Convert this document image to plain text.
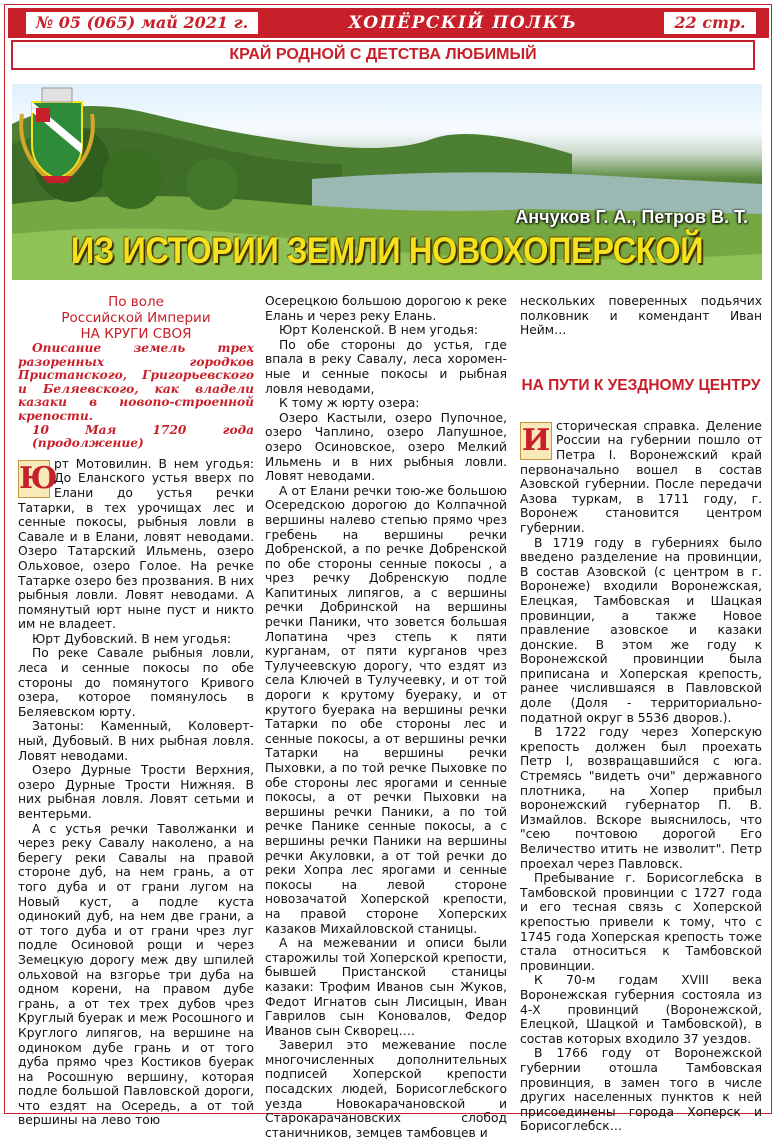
№ 05 (065) май 2021 г.	ХОПЁРСКIЙ ПОЛКЪ	22 стр.
КРАЙ РОДНОЙ С ДЕТСТВА ЛЮБИМЫЙ
Анчуков Г. А., Петров В. Т.
ИЗ ИСТОРИИ ЗЕМЛИ НОВОХОПЕРСКОЙ
По воле
Российской Империи
НА КРУГИ СВОЯ

Описание земель трех разоренных городков Пристанского, Григорьевского и Беляевского, как владели казаки в новопо-строенной крепости.

10 Мая 1720 года (продолжение)
Ю

рт Мотовилин. В нем угодья: До Еланского устья вверх по Елани до устья речки Татарки, в тех урочищах лес и сенные покосы, рыбныя ловли в Савале и в Елани, ловят неводами. Озеро Татарский Ильмень, озеро Ольховое, озеро Голое. На речке Татарке озеро без прозвания. В них рыбныя ловли. Ловят неводами. А помянутый юрт ныне пуст и никто им не владеет.

Юрт Дубовский. В нем угодья:

По реке Савале рыбныя ловли, леса и сенные покосы по обе стороны до помянутого Кривого озера, которое помянулось в Беляевском юрту.

Затоны: Каменный, Коловерт-ный, Дубовый. В них рыбная ловля. Ловят неводами.

Озеро Дурные Трости Верхния, озеро Дурные Трости Нижняя. В них рыбная ловля. Ловят сетьми и вентерьми.

А с устья речки Таволжанки и через реку Савалу наколено, а на берегу реки Савалы на правой стороне дуб, на нем грань, а от того дуба и от грани лугом на Новый куст, а подле куста одинокий дуб, на нем две грани, а от того дуба и от грани чрез луг подле Осиновой рощи и через Земецкую дорогу меж дву шпилей ольховой на взгорье три дуба на одном корени, на правом дубе грань, а от тех трех дубов чрез Круглый буерак и меж Росошного и Круглого липягов, на вершине на одиноком дубе грань и от того дуба прямо чрез Костиков буерак на Росошную вершину, которая подле большой Павловской дороги, что ездят на Осередь, а от той вершины на лево тою

Осерецкою большою дорогою к реке Елань и через реку Елань.

Юрт Коленской. В нем угодья:

По обе стороны до устья, где впала в реку Савалу, леса хоромен-ные и сенные покосы и рыбная ловля неводами,

К тому ж юрту озера:

Озеро Кастыли, озеро Пупочное, озеро Чаплино, озеро Лапушное, озеро Осиновское, озеро Мелкий Ильмень и в них рыбныя ловли. Ловят неводами.

А от Елани речки тою-же большою Осередскою дорогою до Колпачной вершины налево степью прямо чрез гребень на вершины речки Добренской, а по речке Добренской по обе стороны сенные покосы , а чрез речку Добренскую подле Капитиных липягов, а с вершины речки Добринской на вершины речки Паники, что зовется большая Лопатина чрез степь к пяти курганам, от пяти курганов чрез Тулучеевскую дорогу, что ездят из села Ключей в Тулучеевку, и от той дороги к крутому буераку, и от крутого буерака на вершины речки Татарки по обе стороны лес и сенные покосы, а от вершины речки Татарки на вершины речки Пыховки, а по той речке Пыховке по обе стороны лес ярогами и сенные покосы, а от речки Пыховки на вершины речки Паники, а по той речке Панике сенные покосы, а с вершины речки Паники на вершины речки Акуловки, а от той речки до реки Хопра лес ярогами и сенные покосы на левой стороне новозачатой Хоперской крепости, на правой стороне Хоперских казаков Михайловской станицы.

А на межевании и описи были старожилы той Хоперской крепости, бывшей Пристанской станицы казаки: Трофим Иванов сын Жуков, Федот Игнатов сын Лисицын, Иван Гаврилов сын Коновалов, Федор Иванов сын Скворец….

Заверил это межевание после многочисленных дополнительных подписей Хоперской крепости посадских людей, Борисоглебского уезда Новокарачановской и Старокарачановских слобод станичников, земцев тамбовцев и

нескольких поверенных подьячих полковник и комендант Иван Нейм…

НА ПУТИ К УЕЗДНОМУ ЦЕНТРУ
И сторическая справка. Деление России на губернии пошло от Петра I. Воронежский край первоначально вошел в состав Азовской губернии. После передачи Азова туркам, в 1711 году, г. Воронеж становится центром губернии.

В 1719 году в губерниях было введено разделение на провинции, В состав Азовской (с центром в г. Воронеже) входили Воронежская, Елецкая, Тамбовская и Шацкая провинции, а также Новое правление азовское и казаки донские. В этом же году к Воронежской провинции была приписана и Хоперская крепость, ранее числившаяся в Павловской доле (Доля - территориально-податной округ в 5536 дворов.).

В 1722 году через Хоперскую крепость должен был проехать Петр I, возвращавшийся с юга. Стремясь "видеть очи" державного плотника, на Хопер прибыл воронежский губернатор П. В. Измайлов. Вскоре выяснилось, что "сею почтовою дорогой Его Величество итить не изволит". Петр проехал через Павловск.

Пребывание г. Борисоглебска в Тамбовской провинции с 1727 года и его тесная связь с Хоперской крепостью привели к тому, что с 1745 года Хоперская крепость тоже стала относиться к Тамбовской провинции.

К 70-м годам XVIII века Воронежская губерния состояла из 4-Х провинций (Воронежской, Елецкой, Шацкой и Тамбовской), в состав которых входило 37 уездов.

В 1766 году от Воронежской губернии отошла Тамбовская провинция, в замен того в числе других населенных пунктов к ней присоединены города Хоперск и Борисоглебск…
